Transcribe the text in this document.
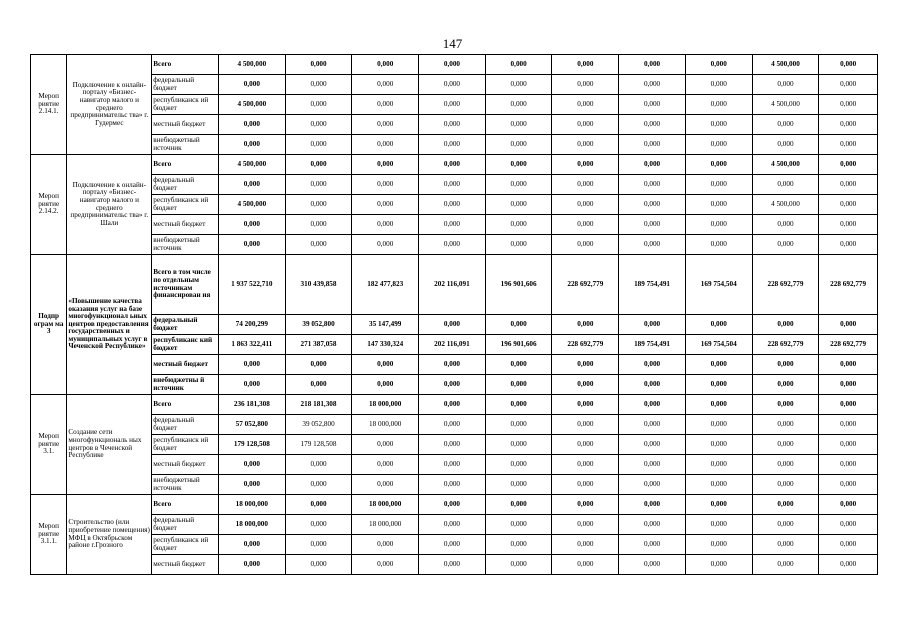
147
Мероп риятие 2.14.1.	Подключение к онлайн-порталу «Бизнес-навигатор малого и среднего предпринимательс тва» г. Гудермес	Всего	4 500,000	0,000	0,000	0,000	0,000	0,000	0,000	0,000	4 500,000	0,000
		федеральный бюджет	0,000	0,000	0,000	0,000	0,000	0,000	0,000	0,000	0,000	0,000
		республиканск ий бюджет	4 500,000	0,000	0,000	0,000	0,000	0,000	0,000	0,000	4 500,000	0,000
		местный бюджет	0,000	0,000	0,000	0,000	0,000	0,000	0,000	0,000	0,000	0,000
		внебюджетный источник	0,000	0,000	0,000	0,000	0,000	0,000	0,000	0,000	0,000	0,000
Мероп риятие 2.14.2.	Подключение к онлайн-порталу «Бизнес-навигатор малого и среднего предпринимательс тва» г. Шали	Всего	4 500,000	0,000	0,000	0,000	0,000	0,000	0,000	0,000	4 500,000	0,000
		федеральный бюджет	0,000	0,000	0,000	0,000	0,000	0,000	0,000	0,000	0,000	0,000
		республиканск ий бюджет	4 500,000	0,000	0,000	0,000	0,000	0,000	0,000	0,000	4 500,000	0,000
		местный бюджет	0,000	0,000	0,000	0,000	0,000	0,000	0,000	0,000	0,000	0,000
		внебюджетный источник	0,000	0,000	0,000	0,000	0,000	0,000	0,000	0,000	0,000	0,000
Подпр ограм ма 3	«Повышение качества оказания услуг на базе многофункционал ьных центров предоставления государственных и муниципальных услуг в Чеченской Республике»	Всего в том числе по отдельным источникам финансирован ия	1 937 522,710	310 439,858	182 477,823	202 116,091	196 901,606	228 692,779	189 754,491	169 754,504	228 692,779	228 692,779
		федеральный бюджет	74 200,299	39 052,800	35 147,499	0,000	0,000	0,000	0,000	0,000	0,000	0,000
		республиканс кий бюджет	1 863 322,411	271 387,058	147 330,324	202 116,091	196 901,606	228 692,779	189 754,491	169 754,504	228 692,779	228 692,779
		местный бюджет	0,000	0,000	0,000	0,000	0,000	0,000	0,000	0,000	0,000	0,000
		внебюджетны й источник	0,000	0,000	0,000	0,000	0,000	0,000	0,000	0,000	0,000	0,000
Мероп риятие 3.1.	Создание сети многофункциональ ных центров в Чеченской Республике	Всего	236 181,308	218 181,308	18 000,000	0,000	0,000	0,000	0,000	0,000	0,000	0,000
		федеральный бюджет	57 052,800	39 052,800	18 000,000	0,000	0,000	0,000	0,000	0,000	0,000	0,000
		республиканск ий бюджет	179 128,508	179 128,508	0,000	0,000	0,000	0,000	0,000	0,000	0,000	0,000
		местный бюджет	0,000	0,000	0,000	0,000	0,000	0,000	0,000	0,000	0,000	0,000
		внебюджетный источник	0,000	0,000	0,000	0,000	0,000	0,000	0,000	0,000	0,000	0,000
Мероп риятие 3.1.1.	Строительство (или приобретение помещения) МФЦ в Октябрьском районе г.Грозного	Всего	18 000,000	0,000	18 000,000	0,000	0,000	0,000	0,000	0,000	0,000	0,000
		федеральный бюджет	18 000,000	0,000	18 000,000	0,000	0,000	0,000	0,000	0,000	0,000	0,000
		республиканск ий бюджет	0,000	0,000	0,000	0,000	0,000	0,000	0,000	0,000	0,000	0,000
		местный бюджет	0,000	0,000	0,000	0,000	0,000	0,000	0,000	0,000	0,000	0,000
